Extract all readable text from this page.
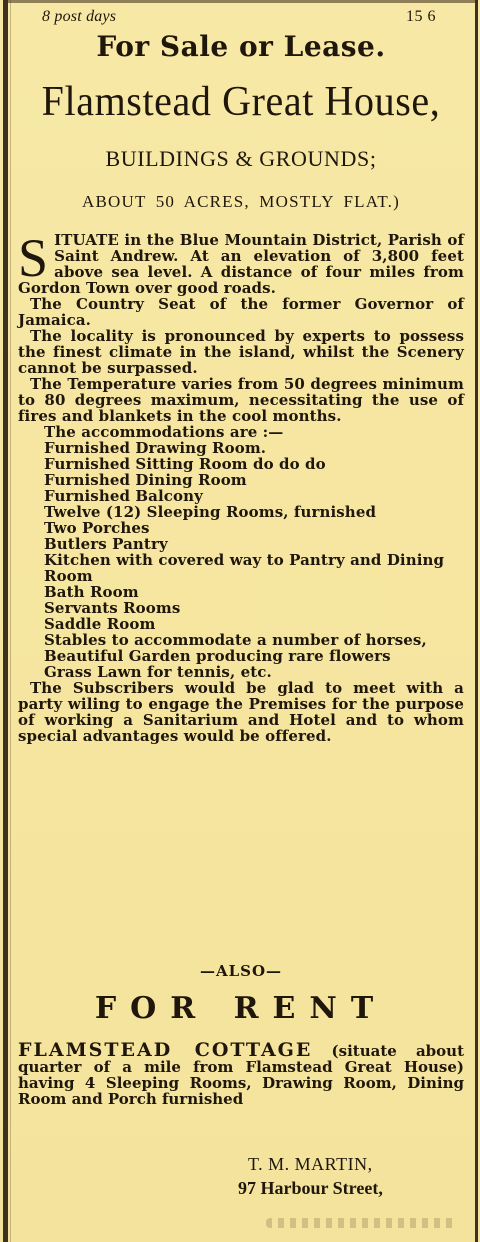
8 post days	15 6
For Sale or Lease.
Flamstead Great House,
BUILDINGS & GROUNDS;
ABOUT 50 ACRES, MOSTLY FLAT.)

S ITUATE in the Blue Mountain District, Parish of Saint Andrew. At an elevation of 3,800 feet above sea level. A distance of four miles from Gordon Town over good roads.

The Country Seat of the former Governor of Jamaica.

The locality is pronounced by experts to possess the finest climate in the island, whilst the Scenery cannot be surpassed.

The Temperature varies from 50 degrees minimum to 80 degrees maximum, necessitating the use of fires and blankets in the cool months.

The accommodations are :—
Furnished Drawing Room.
Furnished Sitting Room do do do
Furnished Dining Room
Furnished Balcony
Twelve (12) Sleeping Rooms, furnished
Two Porches
Butlers Pantry
Kitchen with covered way to Pantry and Dining Room
Bath Room
Servants Rooms
Saddle Room
Stables to accommodate a number of horses,
Beautiful Garden producing rare flowers
Grass Lawn for tennis, etc.

The Subscribers would be glad to meet with a party wiling to engage the Premises for the purpose of working a Sanitarium and Hotel and to whom special advantages would be offered.

—ALSO—
FOR RENT
FLAMSTEAD COTTAGE (situate about quarter of a mile from Flamstead Great House) having 4 Sleeping Rooms, Drawing Room, Dining Room and Porch furnished
T. M. MARTIN,
97 Harbour Street,
